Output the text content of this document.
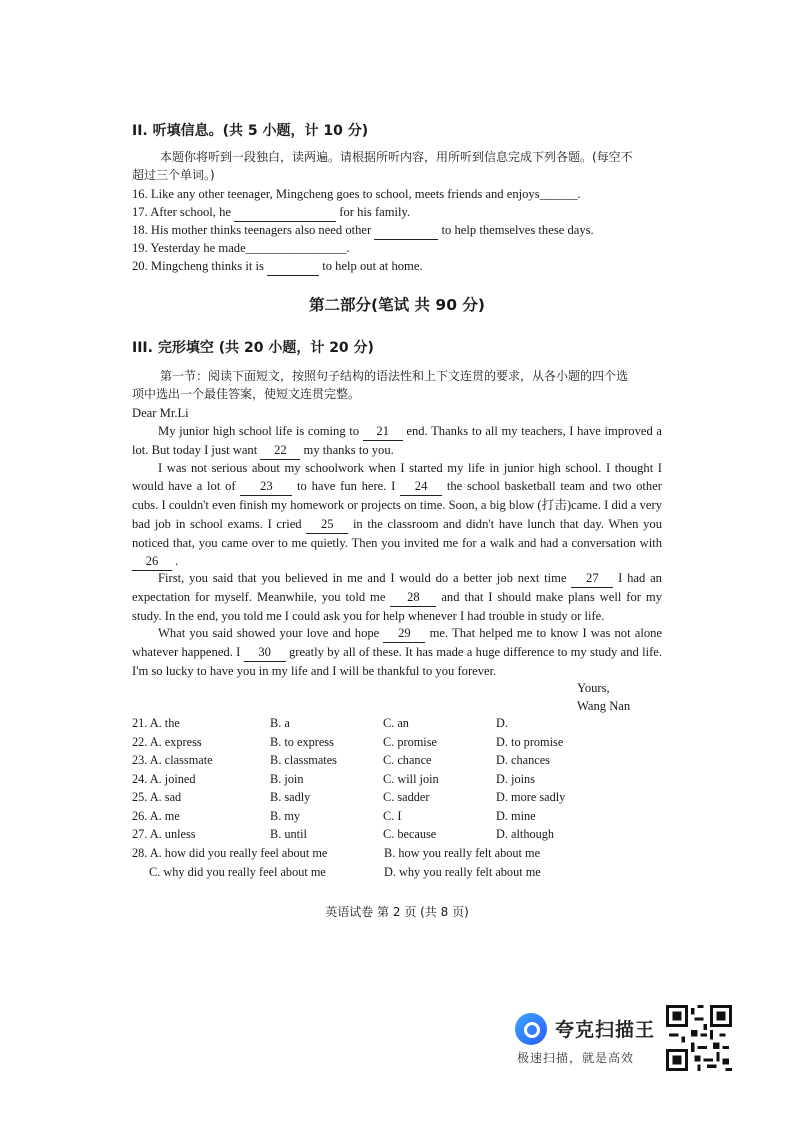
II. 听填信息。(共 5 小题，计 10 分)
本题你将听到一段独白，读两遍。请根据所听内容，用所听到信息完成下列各题。(每空不
超过三个单词。)
16. Like any other teenager, Mingcheng goes to school, meets friends and enjoys______.
17. After school, he	for his family.
18. His mother thinks teenagers also need other	to help themselves these days.
19. Yesterday he made________________.
20. Mingcheng thinks it is	to help out at home.
第二部分(笔试 共 90 分)
III. 完形填空 (共 20 小题，计 20 分)
第一节：阅读下面短文，按照句子结构的语法性和上下文连贯的要求，从各小题的四个选
项中选出一个最佳答案，使短文连贯完整。
Dear Mr.Li
My junior high school life is coming to 21 end. Thanks to all my teachers, I have improved a lot. But today I just want 22 my thanks to you.
I was not serious about my schoolwork when I started my life in junior high school. I thought I would have a lot of 23 to have fun here. I 24 the school basketball team and two other cubs. I couldn't even finish my homework or projects on time. Soon, a big blow (打击)came. I did a very bad job in school exams. I cried 25 in the classroom and didn't have lunch that day. When you noticed that, you came over to me quietly. Then you invited me for a walk and had a conversation with 26 .
First, you said that you believed in me and I would do a better job next time 27 I had an expectation for myself. Meanwhile, you told me 28 and that I should make plans well for my study. In the end, you told me I could ask you for help whenever I had trouble in study or life.
What you said showed your love and hope 29 me. That helped me to know I was not alone whatever happened. I 30 greatly by all of these. It has made a huge difference to my study and life. I'm so lucky to have you in my life and I will be thankful to you forever.
Yours,
Wang Nan
21. A. the	B. a	C. an	D.
22. A. express	B. to express	C. promise	D. to promise
23. A. classmate	B. classmates	C. chance	D. chances
24. A. joined	B. join	C. will join	D. joins
25. A. sad	B. sadly	C. sadder	D. more sadly
26. A. me	B. my	C. I	D. mine
27. A. unless	B. until	C. because	D. although
28. A. how did you really feel about me	B. how you really felt about me
C. why did you really feel about me	D. why you really felt about me
英语试卷 第 2 页 (共 8 页)
夸克扫描王
极速扫描，就是高效
